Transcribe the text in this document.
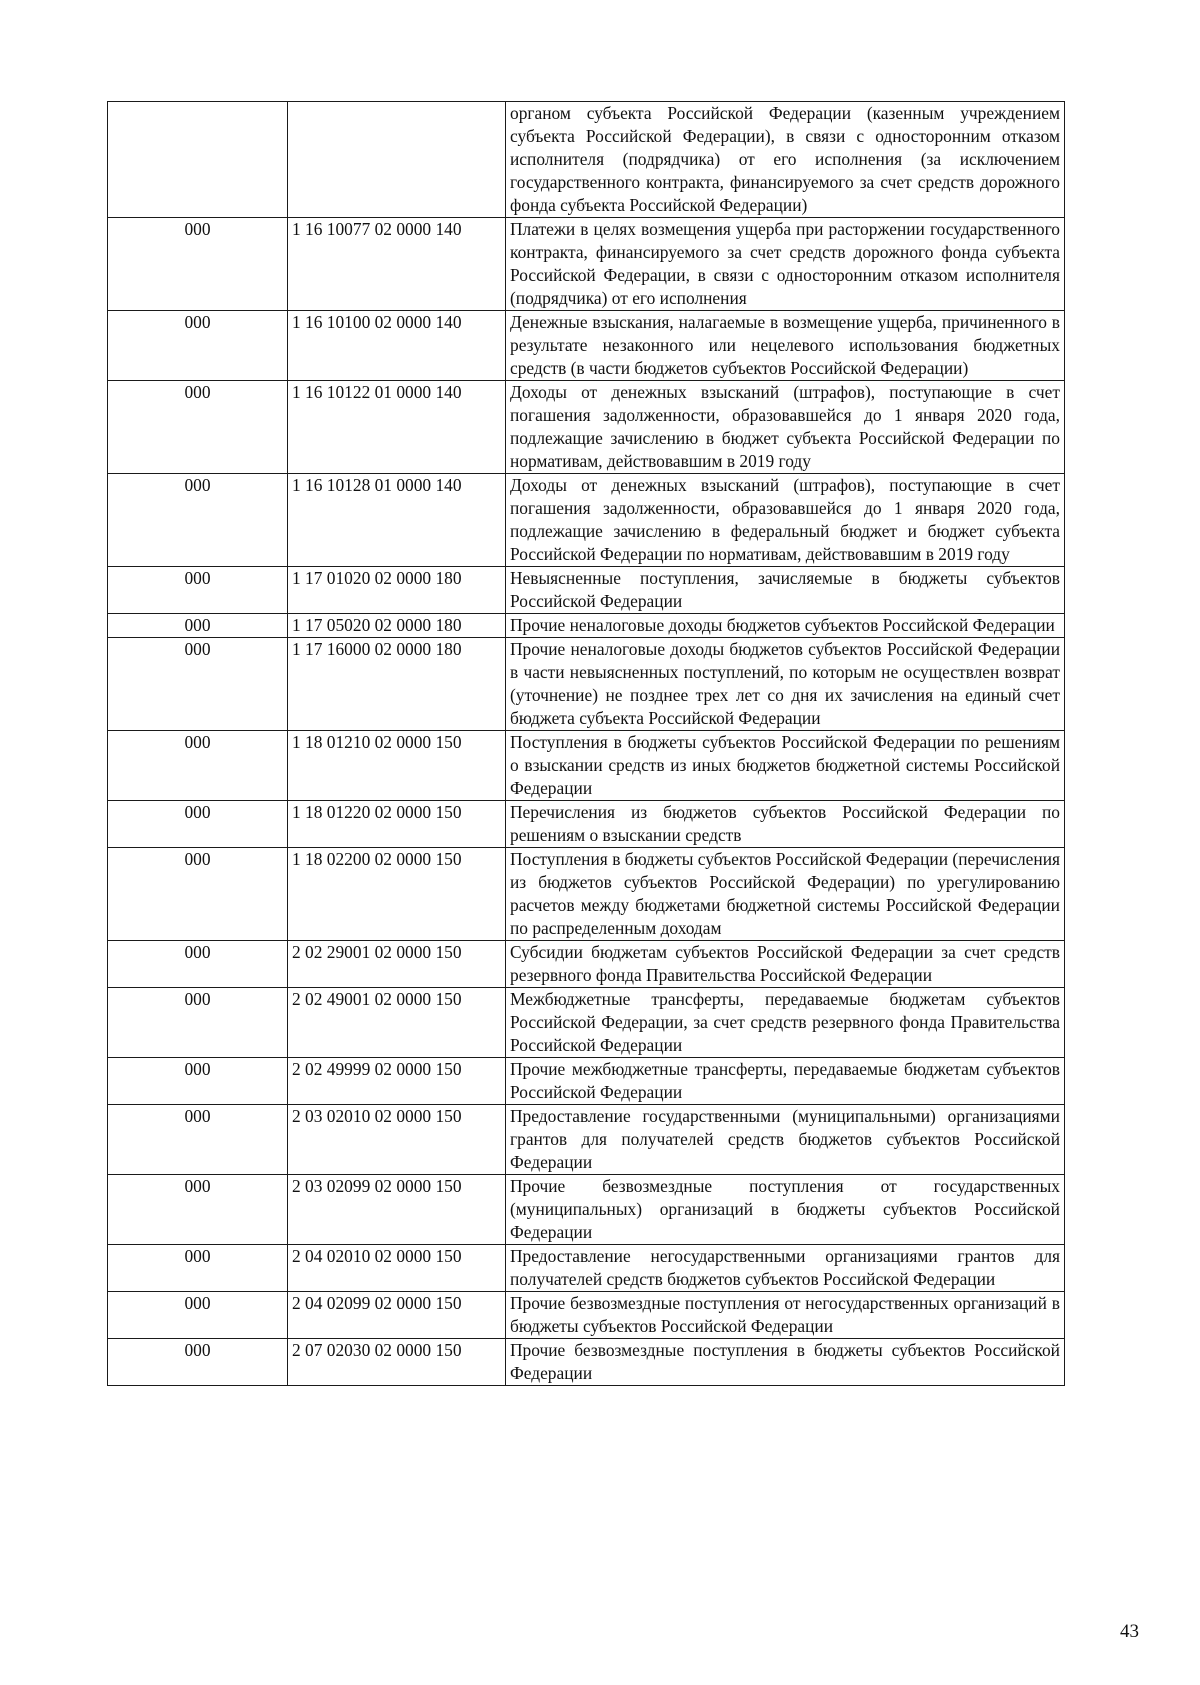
		органом субъекта Российской Федерации (казенным учреждением субъекта Российской Федерации), в связи с односторонним отказом исполнителя (подрядчика) от его исполнения (за исключением государственного контракта, финансируемого за счет средств дорожного фонда субъекта Российской Федерации)
000	1 16 10077 02 0000 140	Платежи в целях возмещения ущерба при расторжении государственного контракта, финансируемого за счет средств дорожного фонда субъекта Российской Федерации, в связи с односторонним отказом исполнителя (подрядчика) от его исполнения
000	1 16 10100 02 0000 140	Денежные взыскания, налагаемые в возмещение ущерба, причиненного в результате незаконного или нецелевого использования бюджетных средств (в части бюджетов субъектов Российской Федерации)
000	1 16 10122 01 0000 140	Доходы от денежных взысканий (штрафов), поступающие в счет погашения задолженности, образовавшейся до 1 января 2020 года, подлежащие зачислению в бюджет субъекта Российской Федерации по нормативам, действовавшим в 2019 году
000	1 16 10128 01 0000 140	Доходы от денежных взысканий (штрафов), поступающие в счет погашения задолженности, образовавшейся до 1 января 2020 года, подлежащие зачислению в федеральный бюджет и бюджет субъекта Российской Федерации по нормативам, действовавшим в 2019 году
000	1 17 01020 02 0000 180	Невыясненные поступления, зачисляемые в бюджеты субъектов Российской Федерации
000	1 17 05020 02 0000 180	Прочие неналоговые доходы бюджетов субъектов Российской Федерации
000	1 17 16000 02 0000 180	Прочие неналоговые доходы бюджетов субъектов Российской Федерации в части невыясненных поступлений, по которым не осуществлен возврат (уточнение) не позднее трех лет со дня их зачисления на единый счет бюджета субъекта Российской Федерации
000	1 18 01210 02 0000 150	Поступления в бюджеты субъектов Российской Федерации по решениям о взыскании средств из иных бюджетов бюджетной системы Российской Федерации
000	1 18 01220 02 0000 150	Перечисления из бюджетов субъектов Российской Федерации по решениям о взыскании средств
000	1 18 02200 02 0000 150	Поступления в бюджеты субъектов Российской Федерации (перечисления из бюджетов субъектов Российской Федерации) по урегулированию расчетов между бюджетами бюджетной системы Российской Федерации по распределенным доходам
000	2 02 29001 02 0000 150	Субсидии бюджетам субъектов Российской Федерации за счет средств резервного фонда Правительства Российской Федерации
000	2 02 49001 02 0000 150	Межбюджетные трансферты, передаваемые бюджетам субъектов Российской Федерации, за счет средств резервного фонда Правительства Российской Федерации
000	2 02 49999 02 0000 150	Прочие межбюджетные трансферты, передаваемые бюджетам субъектов Российской Федерации
000	2 03 02010 02 0000 150	Предоставление государственными (муниципальными) организациями грантов для получателей средств бюджетов субъектов Российской Федерации
000	2 03 02099 02 0000 150	Прочие безвозмездные поступления от государственных (муниципальных) организаций в бюджеты субъектов Российской Федерации
000	2 04 02010 02 0000 150	Предоставление негосударственными организациями грантов для получателей средств бюджетов субъектов Российской Федерации
000	2 04 02099 02 0000 150	Прочие безвозмездные поступления от негосударственных организаций в бюджеты субъектов Российской Федерации
000	2 07 02030 02 0000 150	Прочие безвозмездные поступления в бюджеты субъектов Российской Федерации
43
